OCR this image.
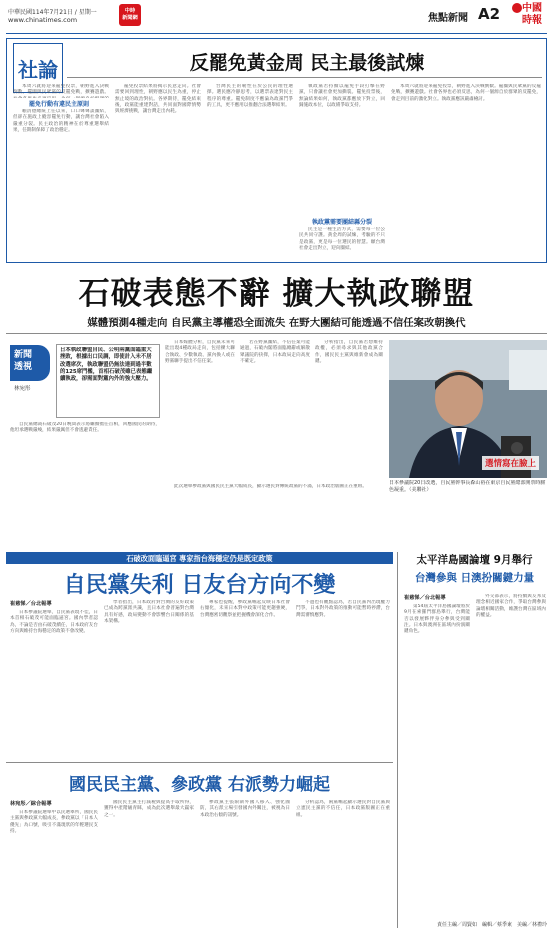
中華民國114年7月21日 / 星期一
www.chinatimes.com
中時
新聞網	焦點新聞 A2 中國
時報
社論	反罷免黃金周 民主最後試煉
罷免行動有違民主原則

本周六就將迎來罷免投票，朝野進入決戰倒數。罷團與民眾黨的反罷免戰，擴賽遊戲。

賴清德總統上任以來，口口聲聲談團結，但卻在施政上縱容罷免行動，讓台灣社會陷入嚴重分裂。民主政治的精神在於尊重選舉結果，任期制保障了政治穩定。

罷免投票結果將揭示民意走向。社會需要回到理性，朝野應以民生為重，停止無止境的政治對抗。各界期待，罷免結束後，政黨能重建對話，共同面對國際情勢與經濟挑戰，讓台灣走出內耗。

台灣民主的韌性在於公民的理性選擇。選民應冷靜思考，以選票表達對民主程序的尊重。罷免制度不應淪為政黨鬥爭的工具，更不應用以推翻合法選舉結果。

執政黨若持續以罷免手段打擊在野黨，只會讓社會更加撕裂。罷免投票後，無論結果如何，執政黨都應放下對立，回歸施政本位，以政績爭取支持。

執政黨需要團結縣分裂

民主是一種生活方式，需要每一位公民共同守護。黃金周的試煉，考驗的不只是政黨，更是每一位選民的智慧。願台灣社會走出對立，迎向團結。

本周六就將迎來罷免投票，朝野進入決戰倒數。罷團與民眾黨的反罷免戰，擴賽遊戲。社會各界也必須反思，為何一個源自於群眾的反罷免，會走到目前的激化對立。執政黨應該嚴肅檢討。

石破表態不辭 擴大執政聯盟
媒體預測4種走向 自民黨主導權恐全面流失 在野大團結可能透過不信任案改朝換代
新聞
透視
林宛彤
日本執政聯盟自民、公明兩黨面臨重大挫敗，根據出口民調，即使計入未不居改選席次，執政聯盟仍無法達到過半數的125席門檻，首相石破茂雖已表態繼續執政，卻需面對黨內外的強大壓力。

自民黨總裁石破茂20日晚間表示將繼續擔任首相，回應國民的期待，他坦承選戰嚴峻，結果嚴厲但不會逃避責任。

日本媒體分析，自民黨未來可能出現4種政局走向，包括擴大聯合執政、少數執政、黨內換人或在野黨聯手提出不信任案。

若在野黨團結，不信任案可能通過，石破內閣將面臨總辭或解散眾議院的抉擇，日本政局走向高度不確定。

分析指出，自民黨若想維持政權，必須尋求與其他政黨合作，國民民主黨與維新會成為關鍵。

此次選舉參政黨與國民民主黨大幅成長，顯示選民對傳統政黨的不滿，日本政治版圖正在重組。

選情寫在臉上
日本參議院20日改選，自民黨幹事長森山裕在東京自民黨總部開票時臉色凝重。（美聯社）
石破改面臨逼宮 專家指台海穩定仍是既定政策
自民黨失利 日友台方向不變
崔慈悌／台北報導

日本參議院選舉，自民黨表現不佳，日本首相石破茂可能面臨逼宮。國內學者認為，不論是否由石破茂續任，日本政府友台方向與維持台海穩定的政策不會改變。

學者指出，日本政府對台灣的友好政策已成為跨黨派共識，且日本社會普遍對台灣具有好感，政局變動不會影響台日關係的基本架構。

專家也提醒，參政黨崛起反映日本社會右傾化，未來日本對中政策可能更趨強硬，台灣應密切觀察並把握機會深化合作。

不過也有觀點認為，若自民黨內出現權力鬥爭，日本對外政策的推動可能暫時停滯，台灣需審慎應對。

太平洋島國論壇 9月舉行
台灣參與 日澳扮關鍵力量
崔慈悌／台北報導

第54屆太平洋島國論壇將於9月在索羅門群島舉行，台灣能否以發展夥伴身分參與受到關注。日本與澳洲在區域內扮演關鍵角色。

外交部表示，將持續與友邦及理念相近國家合作，爭取台灣參與論壇相關活動，維護台灣在區域內的權益。

國民民主黨、參政黨 右派勢力崛起
林宛彤／綜合報導

日本參議院選舉中以民選舉所，國民民主黨與參政黨大幅成長，參政黨以「日本人優先」為口號，吸引不滿現狀的年輕選民支持。

國民民主黨主打減稅與提高手取所得，獲得中產階級青睞，成為此次選舉最大贏家之一。

參政黨主張限制外國人移入、強化國防，其右派立場引發國內外關注，被視為日本政治右傾的訊號。

分析認為，兩黨崛起顯示選民對自民黨與立憲民主黨的不信任，日本政黨版圖正在重組。

責任主編／周賢如　編輯／蔡季東　美編／林禮玲
